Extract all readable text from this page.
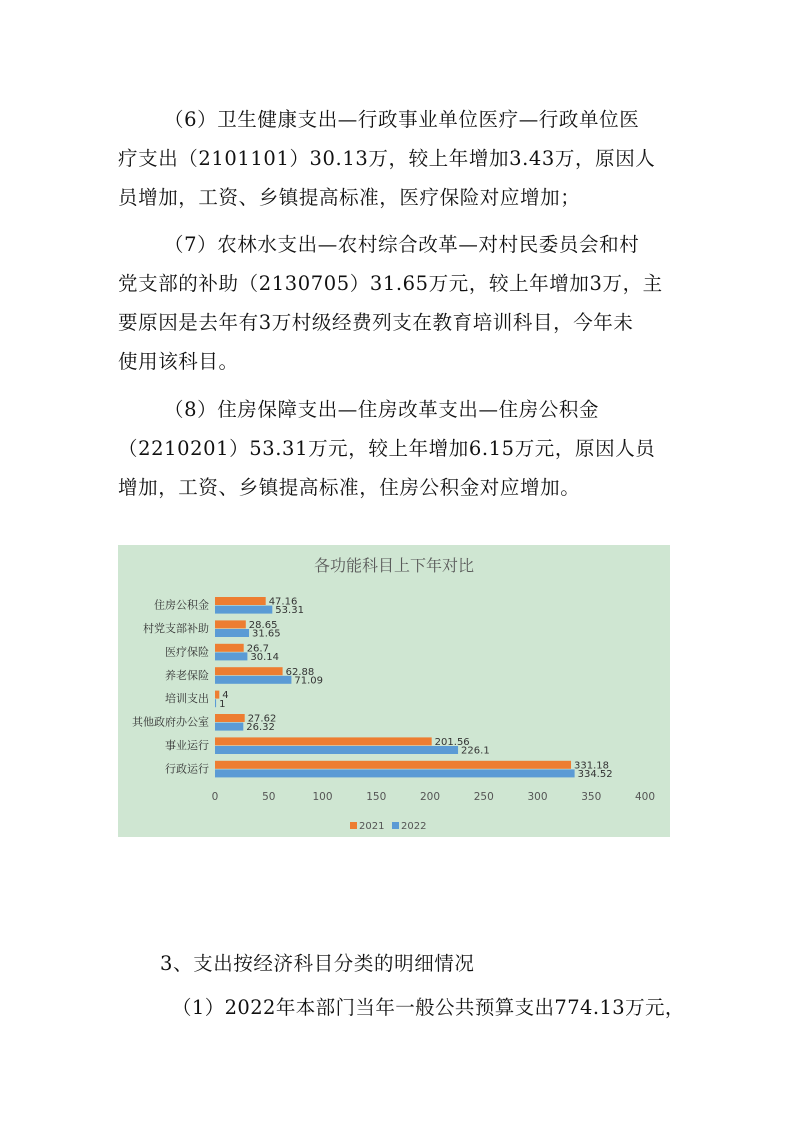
（6）卫生健康支出—行政事业单位医疗—行政单位医
疗支出（2101101）30.13万，较上年增加3.43万，原因人
员增加，工资、乡镇提高标准，医疗保险对应增加；
（7）农林水支出—农村综合改革—对村民委员会和村
党支部的补助（2130705）31.65万元，较上年增加3万，主
要原因是去年有3万村级经费列支在教育培训科目，今年未
使用该科目。
（8）住房保障支出—住房改革支出—住房公积金
（2210201）53.31万元，较上年增加6.15万元，原因人员
增加，工资、乡镇提高标准，住房公积金对应增加。
各功能科目上下年对比
住房公积金	47.16
53.31
村党支部补助	28.65
31.65
医疗保险	26.7
30.14
养老保险	62.88
71.09
培训支出 4
1
其他政府办公室	27.62
26.32
事业运行	201.56
226.1
行政运行	331.18
334.52
0	50	100	150	200	250	300	350	400
2021 2022
3、支出按经济科目分类的明细情况
（1）2022年本部门当年一般公共预算支出774.13万元，
